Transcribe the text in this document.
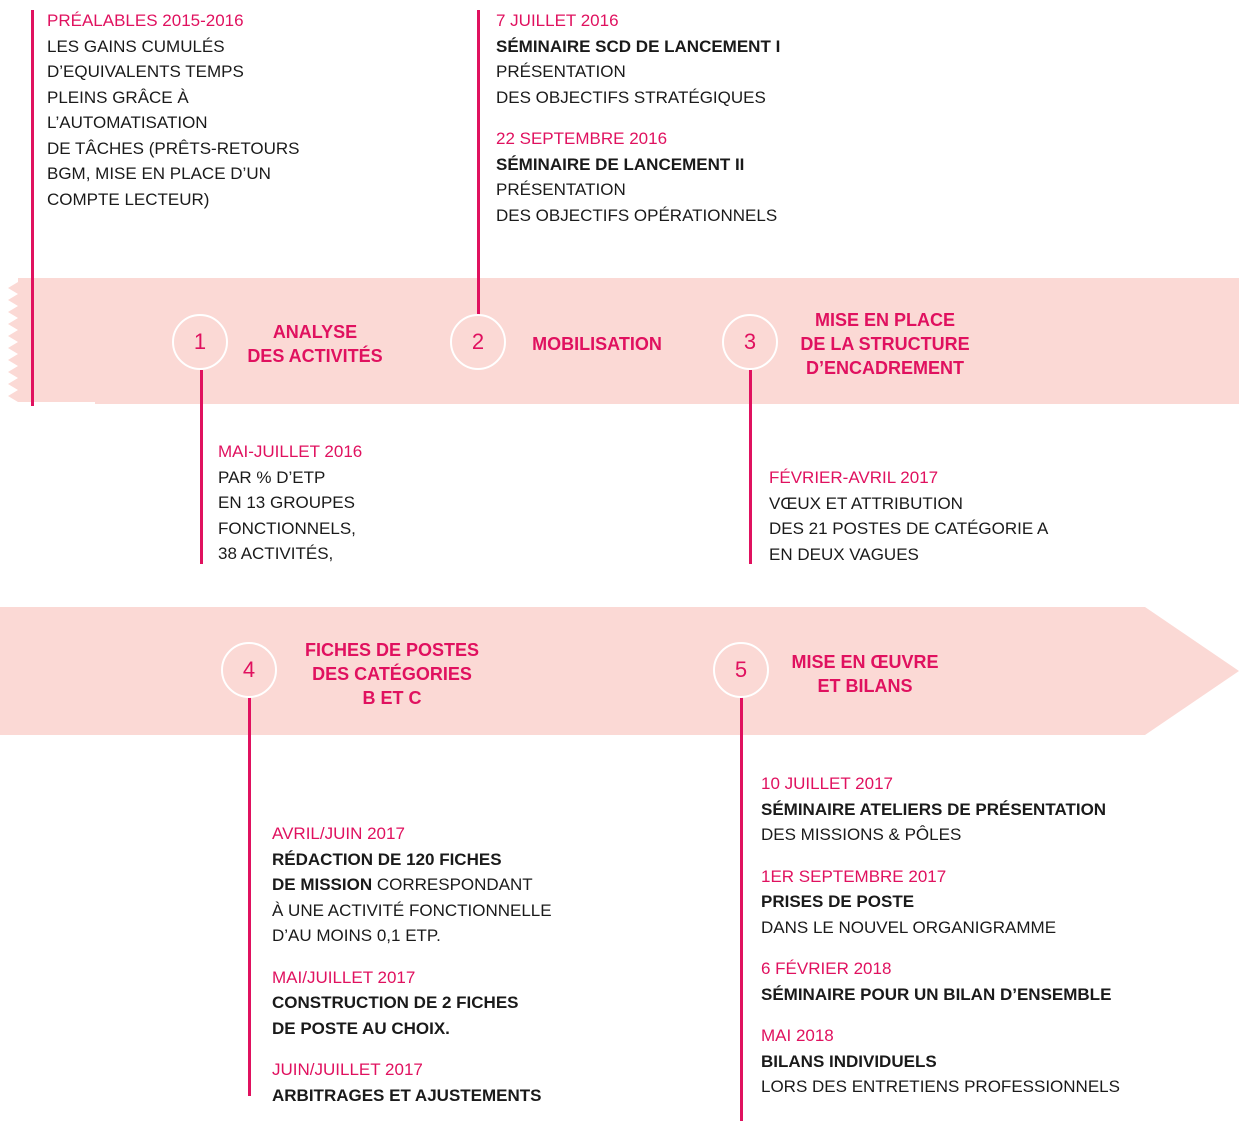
1	2	3
4	5
ANALYSE
DES ACTIVITÉS
MOBILISATION
MISE EN PLACE
DE LA STRUCTURE
D’ENCADREMENT
FICHES DE POSTES
DES CATÉGORIES
B ET C
MISE EN ŒUVRE
ET BILANS
PRÉALABLES 2015-2016
LES GAINS CUMULÉS
D’EQUIVALENTS TEMPS
PLEINS GRÂCE À
L’AUTOMATISATION
DE TÂCHES (PRÊTS-RETOURS
BGM, MISE EN PLACE D’UN
COMPTE LECTEUR)
7 JUILLET 2016
SÉMINAIRE SCD DE LANCEMENT I
PRÉSENTATION
DES OBJECTIFS STRATÉGIQUES
22 SEPTEMBRE 2016
SÉMINAIRE DE LANCEMENT II
PRÉSENTATION
DES OBJECTIFS OPÉRATIONNELS
MAI-JUILLET 2016
PAR % D’ETP
EN 13 GROUPES
FONCTIONNELS,
38 ACTIVITÉS,
FÉVRIER-AVRIL 2017
VŒUX ET ATTRIBUTION
DES 21 POSTES DE CATÉGORIE A
EN DEUX VAGUES
AVRIL/JUIN 2017
RÉDACTION DE 120 FICHES
DE MISSION CORRESPONDANT
À UNE ACTIVITÉ FONCTIONNELLE
D’AU MOINS 0,1 ETP.
MAI/JUILLET 2017
CONSTRUCTION DE 2 FICHES
DE POSTE AU CHOIX.
JUIN/JUILLET 2017
ARBITRAGES ET AJUSTEMENTS
10 JUILLET 2017
SÉMINAIRE ATELIERS DE PRÉSENTATION
DES MISSIONS & PÔLES
1ER SEPTEMBRE 2017
PRISES DE POSTE
DANS LE NOUVEL ORGANIGRAMME
6 FÉVRIER 2018
SÉMINAIRE POUR UN BILAN D’ENSEMBLE
MAI 2018
BILANS INDIVIDUELS
LORS DES ENTRETIENS PROFESSIONNELS
